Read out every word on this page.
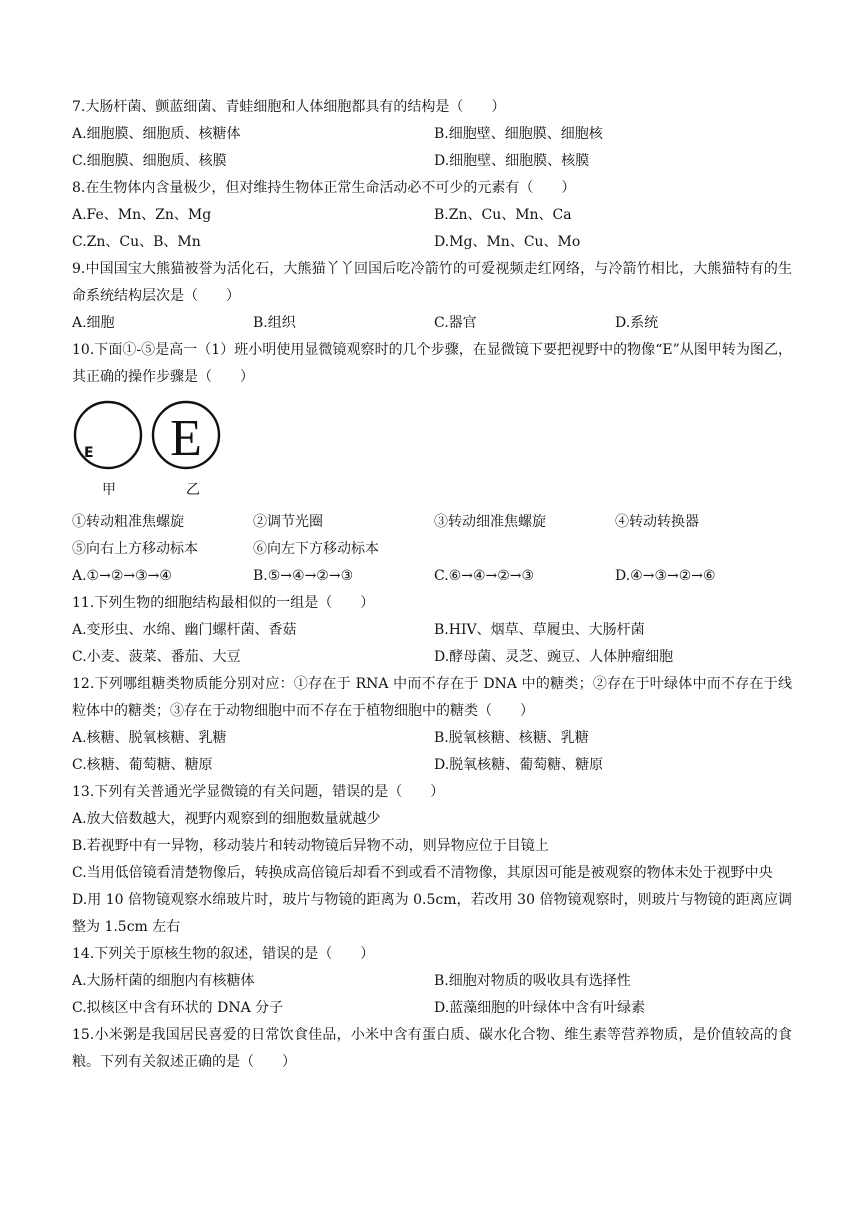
7.大肠杆菌、颤蓝细菌、青蛙细胞和人体细胞都具有的结构是（　　）
A.细胞膜、细胞质、核糖体	B.细胞壁、细胞膜、细胞核
C.细胞膜、细胞质、核膜	D.细胞壁、细胞膜、核膜
8.在生物体内含量极少，但对维持生物体正常生命活动必不可少的元素有（　　）
A.Fe、Mn、Zn、Mg	B.Zn、Cu、Mn、Ca
C.Zn、Cu、B、Mn	D.Mg、Mn、Cu、Mo
9.中国国宝大熊猫被誉为活化石，大熊猫丫丫回国后吃冷箭竹的可爱视频走红网络，与冷箭竹相比，大熊猫特有的生命系统结构层次是（　　）
A.细胞	B.组织	C.器官	D.系统
10.下面①-⑤是高一（1）班小明使用显微镜观察时的几个步骤，在显微镜下要把视野中的物像“E”从图甲转为图乙，其正确的操作步骤是（　　）
E E
甲	乙
①转动粗准焦螺旋	②调节光圈	③转动细准焦螺旋	④转动转换器
⑤向右上方移动标本	⑥向左下方移动标本
A.①→②→③→④	B.⑤→④→②→③	C.⑥→④→②→③	D.④→③→②→⑥
11.下列生物的细胞结构最相似的一组是（　　）
A.变形虫、水绵、幽门螺杆菌、香菇	B.HIV、烟草、草履虫、大肠杆菌
C.小麦、菠菜、番茄、大豆	D.酵母菌、灵芝、豌豆、人体肿瘤细胞
12.下列哪组糖类物质能分别对应：①存在于 RNA 中而不存在于 DNA 中的糖类；②存在于叶绿体中而不存在于线粒体中的糖类；③存在于动物细胞中而不存在于植物细胞中的糖类（　　）
A.核糖、脱氧核糖、乳糖	B.脱氧核糖、核糖、乳糖
C.核糖、葡萄糖、糖原	D.脱氧核糖、葡萄糖、糖原
13.下列有关普通光学显微镜的有关问题，错误的是（　　）
A.放大倍数越大，视野内观察到的细胞数量就越少
B.若视野中有一异物，移动装片和转动物镜后异物不动，则异物应位于目镜上
C.当用低倍镜看清楚物像后，转换成高倍镜后却看不到或看不清物像，其原因可能是被观察的物体未处于视野中央
D.用 10 倍物镜观察水绵玻片时，玻片与物镜的距离为 0.5cm，若改用 30 倍物镜观察时，则玻片与物镜的距离应调整为 1.5cm 左右
14.下列关于原核生物的叙述，错误的是（　　）
A.大肠杆菌的细胞内有核糖体	B.细胞对物质的吸收具有选择性
C.拟核区中含有环状的 DNA 分子	D.蓝藻细胞的叶绿体中含有叶绿素
15.小米粥是我国居民喜爱的日常饮食佳品，小米中含有蛋白质、碳水化合物、维生素等营养物质，是价值较高的食粮。下列有关叙述正确的是（　　）
